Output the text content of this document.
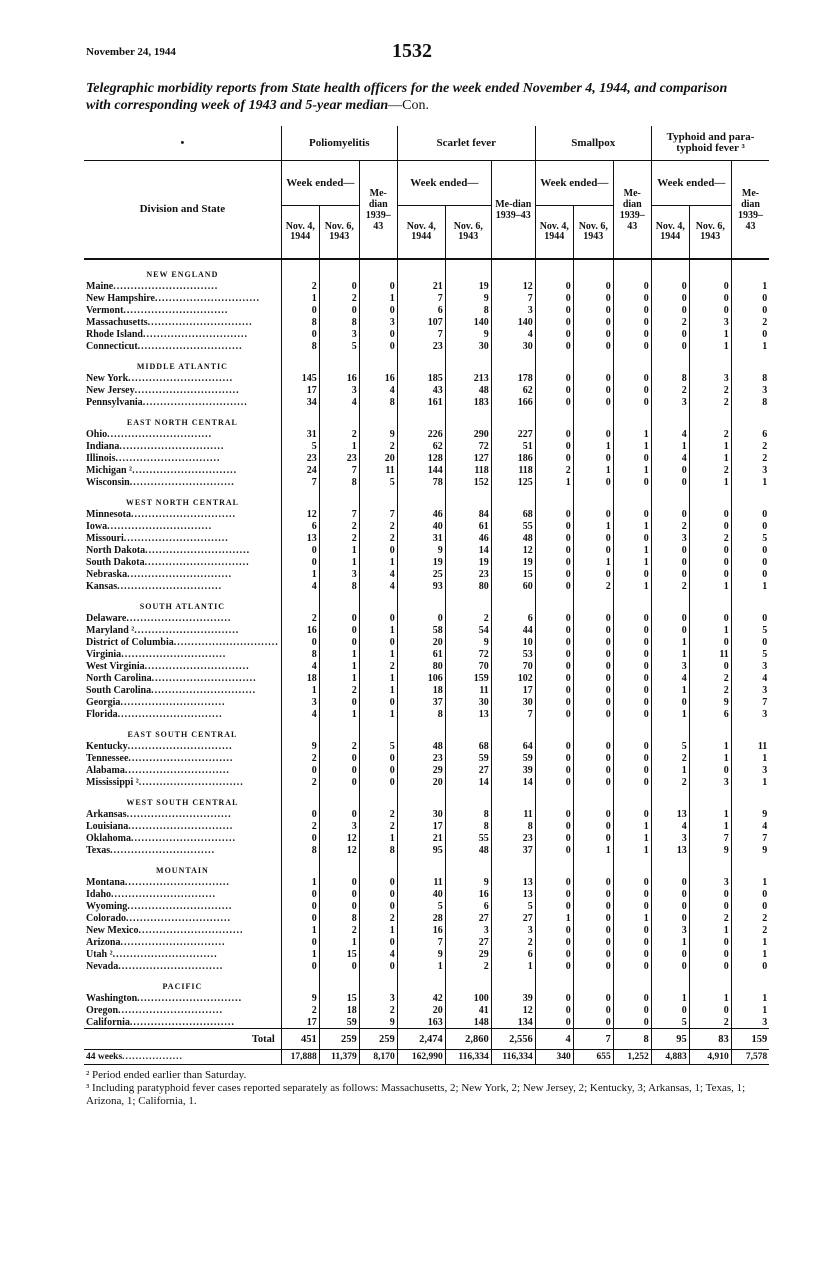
November 24, 1944	1532
Telegraphic morbidity reports from State health officers for the week ended November 4, 1944, and comparison with corresponding week of 1943 and 5-year median—Con.
•	Poliomyelitis			Scarlet fever			Smallpox			Typhoid and para-typhoid fever ³		
Division and State	Week ended—		Me-dian 1939–43	Week ended—		Me-dian 1939–43	Week ended—		Me-dian 1939–43	Week ended—		Me-dian 1939–43
	Nov. 4, 1944	Nov. 6, 1943		Nov. 4, 1944	Nov. 6, 1943		Nov. 4, 1944	Nov. 6, 1943		Nov. 4, 1944	Nov. 6, 1943	
NEW ENGLAND												
Maine..............................	2	0	0	21	19	12	0	0	0	0	0	1
New Hampshire..............................	1	2	1	7	9	7	0	0	0	0	0	0
Vermont..............................	0	0	0	6	8	3	0	0	0	0	0	0
Massachusetts..............................	8	8	3	107	140	140	0	0	0	2	3	2
Rhode Island..............................	0	3	0	7	9	4	0	0	0	0	1	0
Connecticut..............................	8	5	0	23	30	30	0	0	0	0	1	1
MIDDLE ATLANTIC												
New York..............................	145	16	16	185	213	178	0	0	0	8	3	8
New Jersey..............................	17	3	4	43	48	62	0	0	0	2	2	3
Pennsylvania..............................	34	4	8	161	183	166	0	0	0	3	2	8
EAST NORTH CENTRAL												
Ohio..............................	31	2	9	226	290	227	0	0	1	4	2	6
Indiana..............................	5	1	2	62	72	51	0	1	1	1	1	2
Illinois..............................	23	23	20	128	127	186	0	0	0	4	1	2
Michigan ²..............................	24	7	11	144	118	118	2	1	1	0	2	3
Wisconsin..............................	7	8	5	78	152	125	1	0	0	0	1	1
WEST NORTH CENTRAL												
Minnesota..............................	12	7	7	46	84	68	0	0	0	0	0	0
Iowa..............................	6	2	2	40	61	55	0	1	1	2	0	0
Missouri..............................	13	2	2	31	46	48	0	0	0	3	2	5
North Dakota..............................	0	1	0	9	14	12	0	0	1	0	0	0
South Dakota..............................	0	1	1	19	19	19	0	1	1	0	0	0
Nebraska..............................	1	3	4	25	23	15	0	0	0	0	0	0
Kansas..............................	4	8	4	93	80	60	0	2	1	2	1	1
SOUTH ATLANTIC												
Delaware..............................	2	0	0	0	2	6	0	0	0	0	0	0
Maryland ²..............................	16	0	1	58	54	44	0	0	0	0	1	5
District of Columbia..............................	0	0	0	20	9	10	0	0	0	1	0	0
Virginia..............................	8	1	1	61	72	53	0	0	0	1	11	5
West Virginia..............................	4	1	2	80	70	70	0	0	0	3	0	3
North Carolina..............................	18	1	1	106	159	102	0	0	0	4	2	4
South Carolina..............................	1	2	1	18	11	17	0	0	0	1	2	3
Georgia..............................	3	0	0	37	30	30	0	0	0	0	9	7
Florida..............................	4	1	1	8	13	7	0	0	0	1	6	3
EAST SOUTH CENTRAL												
Kentucky..............................	9	2	5	48	68	64	0	0	0	5	1	11
Tennessee..............................	2	0	0	23	59	59	0	0	0	2	1	1
Alabama..............................	0	0	0	29	27	39	0	0	0	1	0	3
Mississippi ²..............................	2	0	0	20	14	14	0	0	0	2	3	1
WEST SOUTH CENTRAL												
Arkansas..............................	0	0	2	30	8	11	0	0	0	13	1	9
Louisiana..............................	2	3	2	17	8	8	0	0	1	4	1	4
Oklahoma..............................	0	12	1	21	55	23	0	0	1	3	7	7
Texas..............................	8	12	8	95	48	37	0	1	1	13	9	9
MOUNTAIN												
Montana..............................	1	0	0	11	9	13	0	0	0	0	3	1
Idaho..............................	0	0	0	40	16	13	0	0	0	0	0	0
Wyoming..............................	0	0	0	5	6	5	0	0	0	0	0	0
Colorado..............................	0	8	2	28	27	27	1	0	1	0	2	2
New Mexico..............................	1	2	1	16	3	3	0	0	0	3	1	2
Arizona..............................	0	1	0	7	27	2	0	0	0	1	0	1
Utah ²..............................	1	15	4	9	29	6	0	0	0	0	0	1
Nevada..............................	0	0	0	1	2	1	0	0	0	0	0	0
PACIFIC												
Washington..............................	9	15	3	42	100	39	0	0	0	1	1	1
Oregon..............................	2	18	2	20	41	12	0	0	0	0	0	1
California..............................	17	59	9	163	148	134	0	0	0	5	2	3
Total	451	259	259	2,474	2,860	2,556	4	7	8	95	83	159
44 weeks..................	17,888	11,379	8,170	162,990	116,334	116,334	340	655	1,252	4,883	4,910	7,578
² Period ended earlier than Saturday.
³ Including paratyphoid fever cases reported separately as follows: Massachusetts, 2; New York, 2; New Jersey, 2; Kentucky, 3; Arkansas, 1; Texas, 1; Arizona, 1; California, 1.
